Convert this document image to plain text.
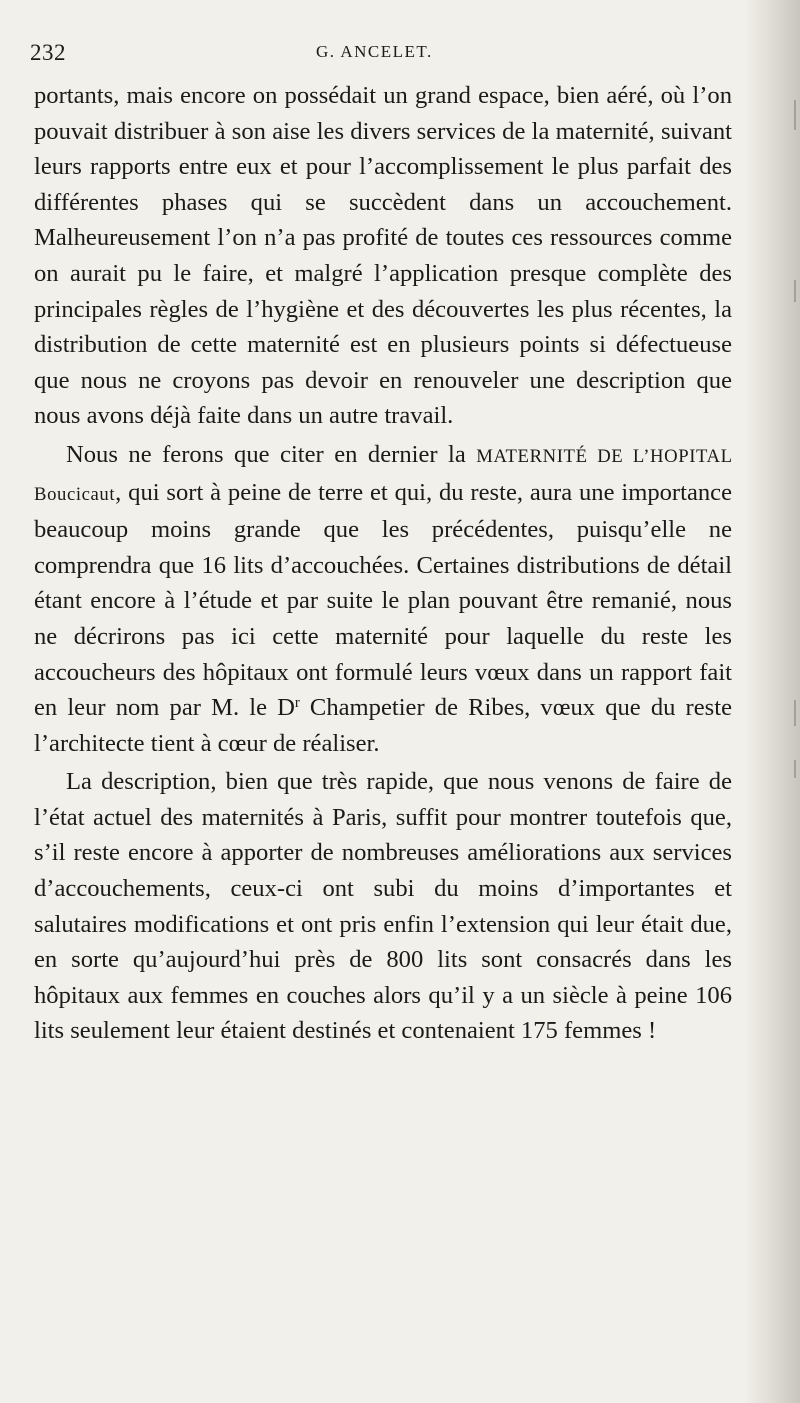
232	G. ANCELET.

portants, mais encore on possédait un grand espace, bien aéré, où l’on pouvait distribuer à son aise les divers services de la maternité, suivant leurs rapports entre eux et pour l’accomplissement le plus parfait des différentes phases qui se succèdent dans un accouchement. Malheureusement l’on n’a pas profité de toutes ces ressources comme on aurait pu le faire, et malgré l’application presque complète des principales règles de l’hygiène et des découvertes les plus récentes, la distribution de cette maternité est en plusieurs points si défectueuse que nous ne croyons pas devoir en renouveler une description que nous avons déjà faite dans un autre travail.

Nous ne ferons que citer en dernier la MATERNITÉ DE L’HOPITAL Boucicaut, qui sort à peine de terre et qui, du reste, aura une importance beaucoup moins grande que les précédentes, puisqu’elle ne comprendra que 16 lits d’accouchées. Certaines distributions de détail étant encore à l’étude et par suite le plan pouvant être remanié, nous ne décrirons pas ici cette maternité pour laquelle du reste les accoucheurs des hôpitaux ont formulé leurs vœux dans un rapport fait en leur nom par M. le $D^r$ Champetier de Ribes, vœux que du reste l’architecte tient à cœur de réaliser.

La description, bien que très rapide, que nous venons de faire de l’état actuel des maternités à Paris, suffit pour montrer toutefois que, s’il reste encore à apporter de nombreuses améliorations aux services d’accouchements, ceux-ci ont subi du moins d’importantes et salutaires modifications et ont pris enfin l’extension qui leur était due, en sorte qu’aujourd’hui près de 800 lits sont consacrés dans les hôpitaux aux femmes en couches alors qu’il y a un siècle à peine 106 lits seulement leur étaient destinés et contenaient 175 femmes !
